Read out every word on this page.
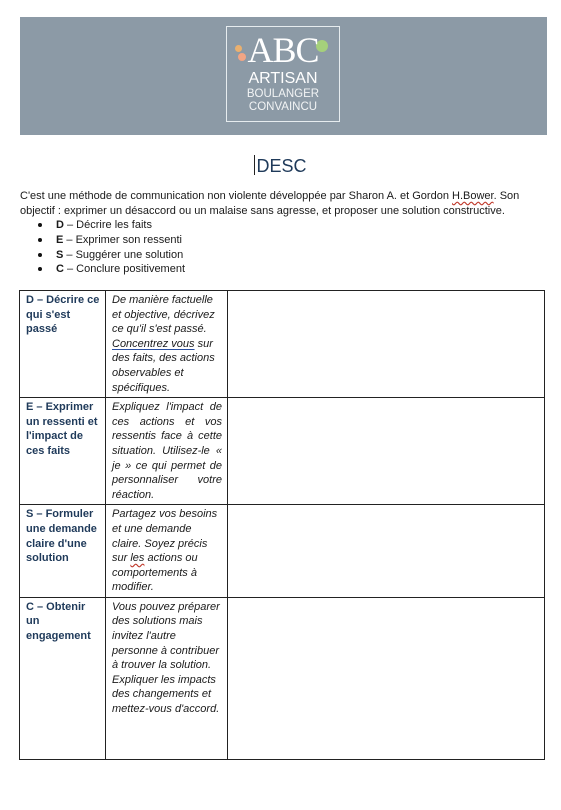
ABC
ARTISAN
BOULANGER
CONVAINCU
DESC
C'est une méthode de communication non violente développée par Sharon A. et Gordon H.Bower. Son objectif : exprimer un désaccord ou un malaise sans agresse, et proposer une solution constructive.
D – Décrire les faits
E – Exprimer son ressenti
S – Suggérer une solution
C – Conclure positivement
D – Décrire ce qui s'est passé	De manière factuelle et objective, décrivez ce qu'il s'est passé. Concentrez vous sur des faits, des actions observables et spécifiques.	
E – Exprimer un ressenti et l'impact de ces faits	Expliquez l'impact de ces actions et vos ressentis face à cette situation. Utilisez-le « je » ce qui permet de personnaliser votre réaction.	
S – Formuler une demande claire d'une solution	Partagez vos besoins et une demande claire. Soyez précis sur les actions ou comportements à modifier.	
C – Obtenir un engagement	Vous pouvez préparer des solutions mais invitez l'autre personne à contribuer à trouver la solution. Expliquer les impacts des changements et mettez-vous d'accord.	
